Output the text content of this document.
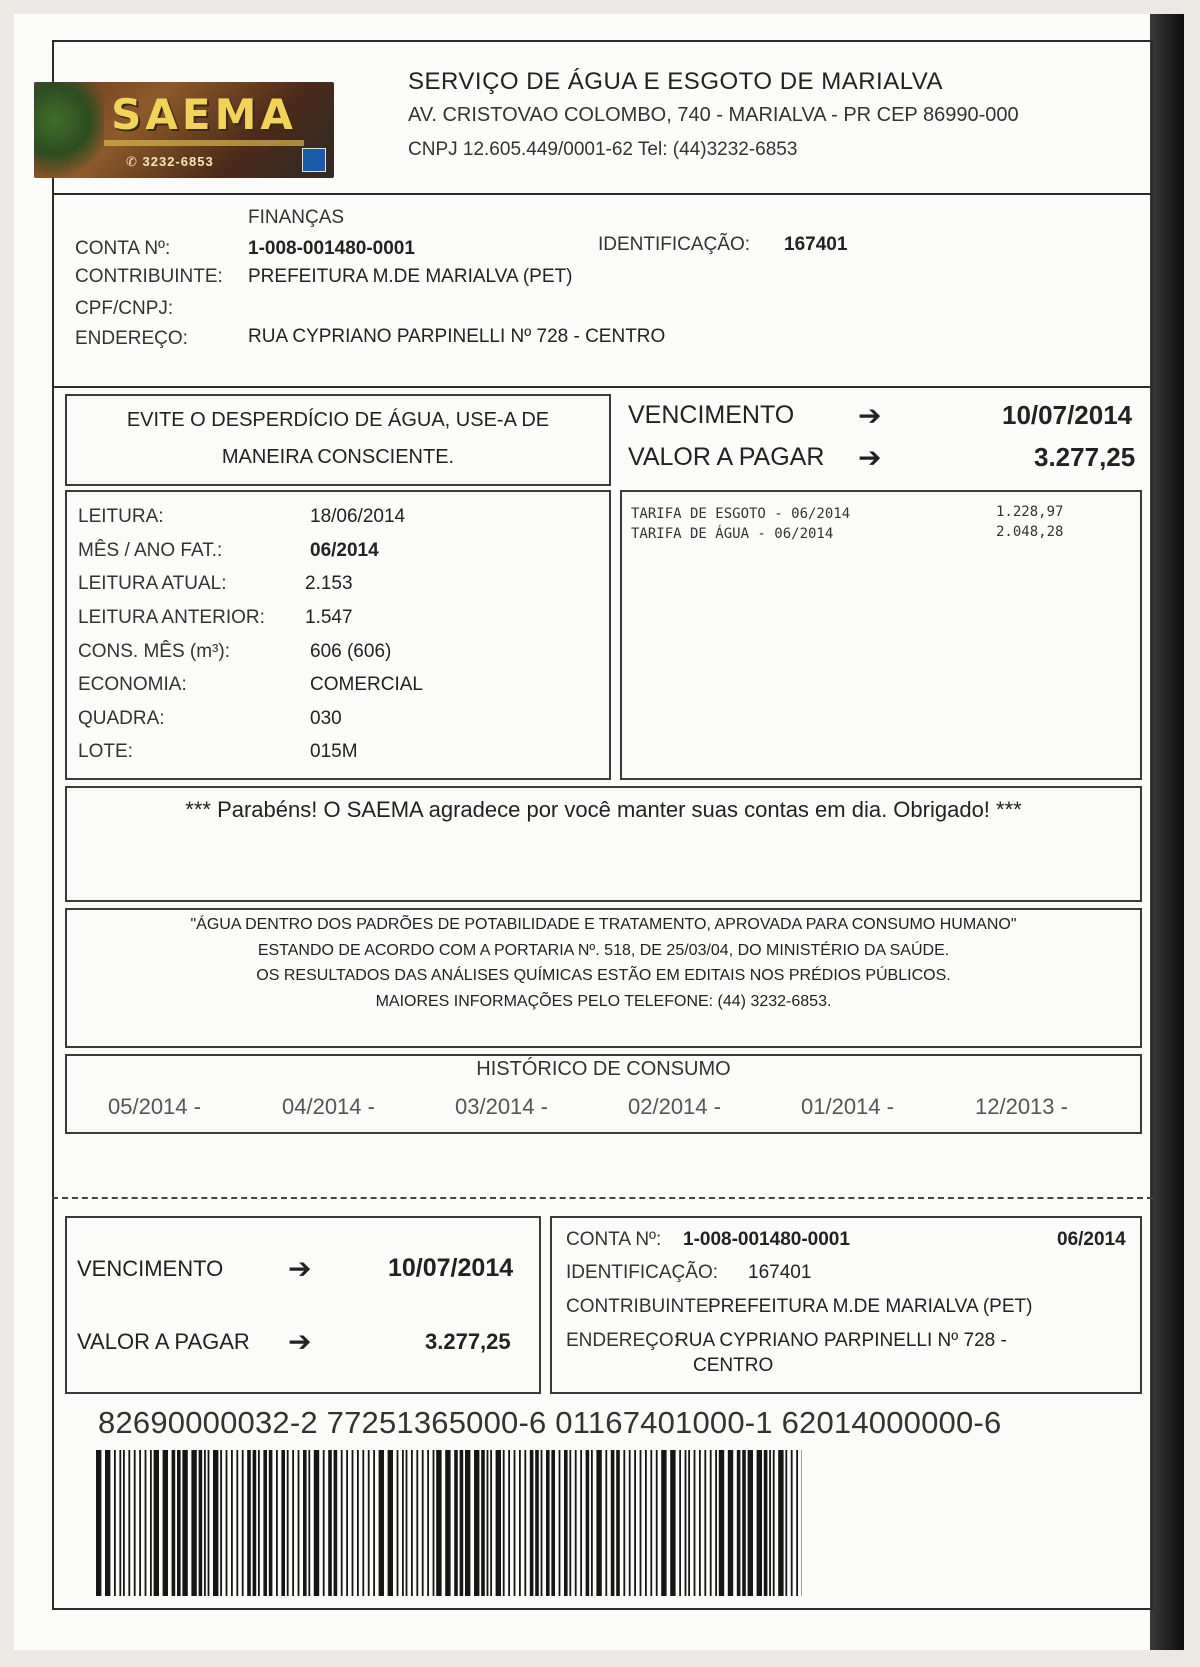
SAEMA
✆ 3232-6853
SERVIÇO DE ÁGUA E ESGOTO DE MARIALVA
AV. CRISTOVAO COLOMBO, 740 - MARIALVA - PR CEP 86990-000
CNPJ 12.605.449/0001-62 Tel: (44)3232-6853
FINANÇAS
CONTA Nº:	1-008-001480-0001	IDENTIFICAÇÃO: 167401
CONTRIBUINTE: PREFEITURA M.DE MARIALVA (PET)
CPF/CNPJ:
ENDEREÇO:	RUA CYPRIANO PARPINELLI Nº 728 - CENTRO
EVITE O DESPERDÍCIO DE ÁGUA, USE-A DE
MANEIRA CONSCIENTE.
VENCIMENTO ➔	10/07/2014
VALOR A PAGAR ➔	3.277,25
LEITURA:	18/06/2014
MÊS / ANO FAT.:	06/2014
LEITURA ATUAL:	2.153
LEITURA ANTERIOR: 1.547
CONS. MÊS (m³):	606 (606)
ECONOMIA:	COMERCIAL
QUADRA:	030
LOTE:	015M
TARIFA DE ESGOTO - 06/2014	1.228,97
TARIFA DE ÁGUA - 06/2014	2.048,28
*** Parabéns! O SAEMA agradece por você manter suas contas em dia. Obrigado! ***
"ÁGUA DENTRO DOS PADRÕES DE POTABILIDADE E TRATAMENTO, APROVADA PARA CONSUMO HUMANO"
ESTANDO DE ACORDO COM A PORTARIA Nº. 518, DE 25/03/04, DO MINISTÉRIO DA SAÚDE.
OS RESULTADOS DAS ANÁLISES QUÍMICAS ESTÃO EM EDITAIS NOS PRÉDIOS PÚBLICOS.
MAIORES INFORMAÇÕES PELO TELEFONE: (44) 3232-6853.
HISTÓRICO DE CONSUMO
05/2014 -	04/2014 -	03/2014 -	02/2014 -	01/2014 -	12/2013 -
VENCIMENTO ➔	10/07/2014
VALOR A PAGAR ➔	3.277,25
CONTA Nº: 1-008-001480-0001	06/2014
IDENTIFICAÇÃO: 167401
CONTRIBUINTE:
PREFEITURA M.DE MARIALVA (PET)
ENDEREÇO:
RUA CYPRIANO PARPINELLI Nº 728 -
CENTRO
82690000032-2 77251365000-6 01167401000-1 62014000000-6
